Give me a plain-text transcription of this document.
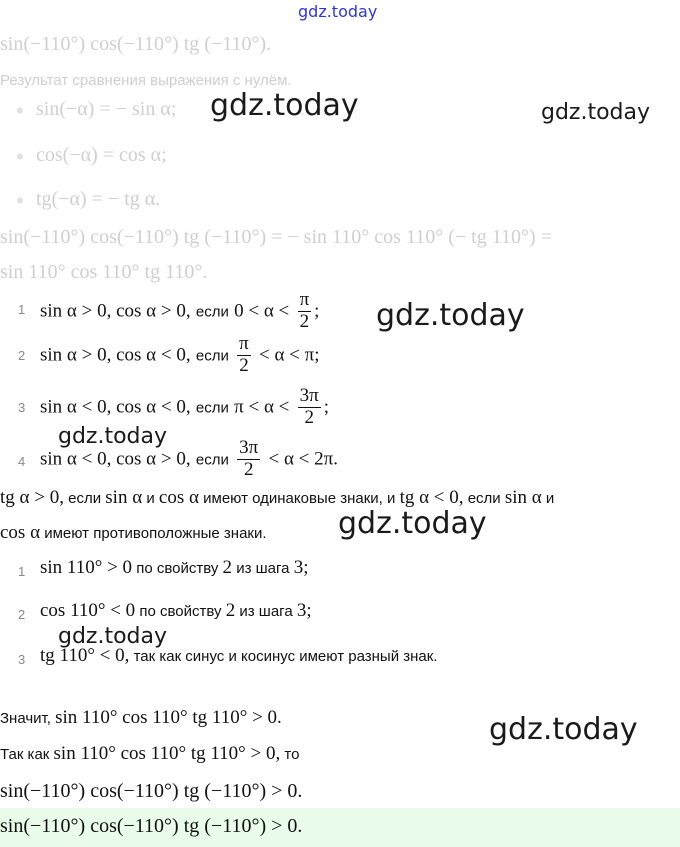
gdz.today
gdz.today	gdz.today
gdz.today
gdz.today
gdz.today
gdz.today
gdz.today
sin(−110°) cos(−110°) tg (−110°).
Результат сравнения выражения с нулём.
• sin(−α) = − sin α;
• cos(−α) = cos α;
• tg(−α) = − tg α.
sin(−110°) cos(−110°) tg (−110°) = − sin 110° cos 110° (− tg 110°) =
sin 110° cos 110° tg 110°.
1 sin α > 0, cos α > 0, если $0 < \alpha < \frac{\pi}{2}$ ;
2 sin α > 0, cos α < 0, если $\frac{\pi}{2} < \alpha < \pi$;
3 sin α < 0, cos α < 0, если $\pi < \alpha < \frac{3\pi}{2}$ ;
4 sin α < 0, cos α > 0, если $\frac{3\pi}{2} < \alpha < 2\pi$.
tg α > 0, если sin α и cos α имеют одинаковые знаки, и tg α < 0, если sin α и
cos α имеют противоположные знаки.
1 sin 110° > 0 по свойству 2 из шага 3;
2 cos 110° < 0 по свойству 2 из шага 3;
3 tg 110° < 0, так как синус и косинус имеют разный знак.
Значит, sin 110° cos 110° tg 110° > 0.
Так как sin 110° cos 110° tg 110° > 0, то
sin(−110°) cos(−110°) tg (−110°) > 0.
sin(−110°) cos(−110°) tg (−110°) > 0.
